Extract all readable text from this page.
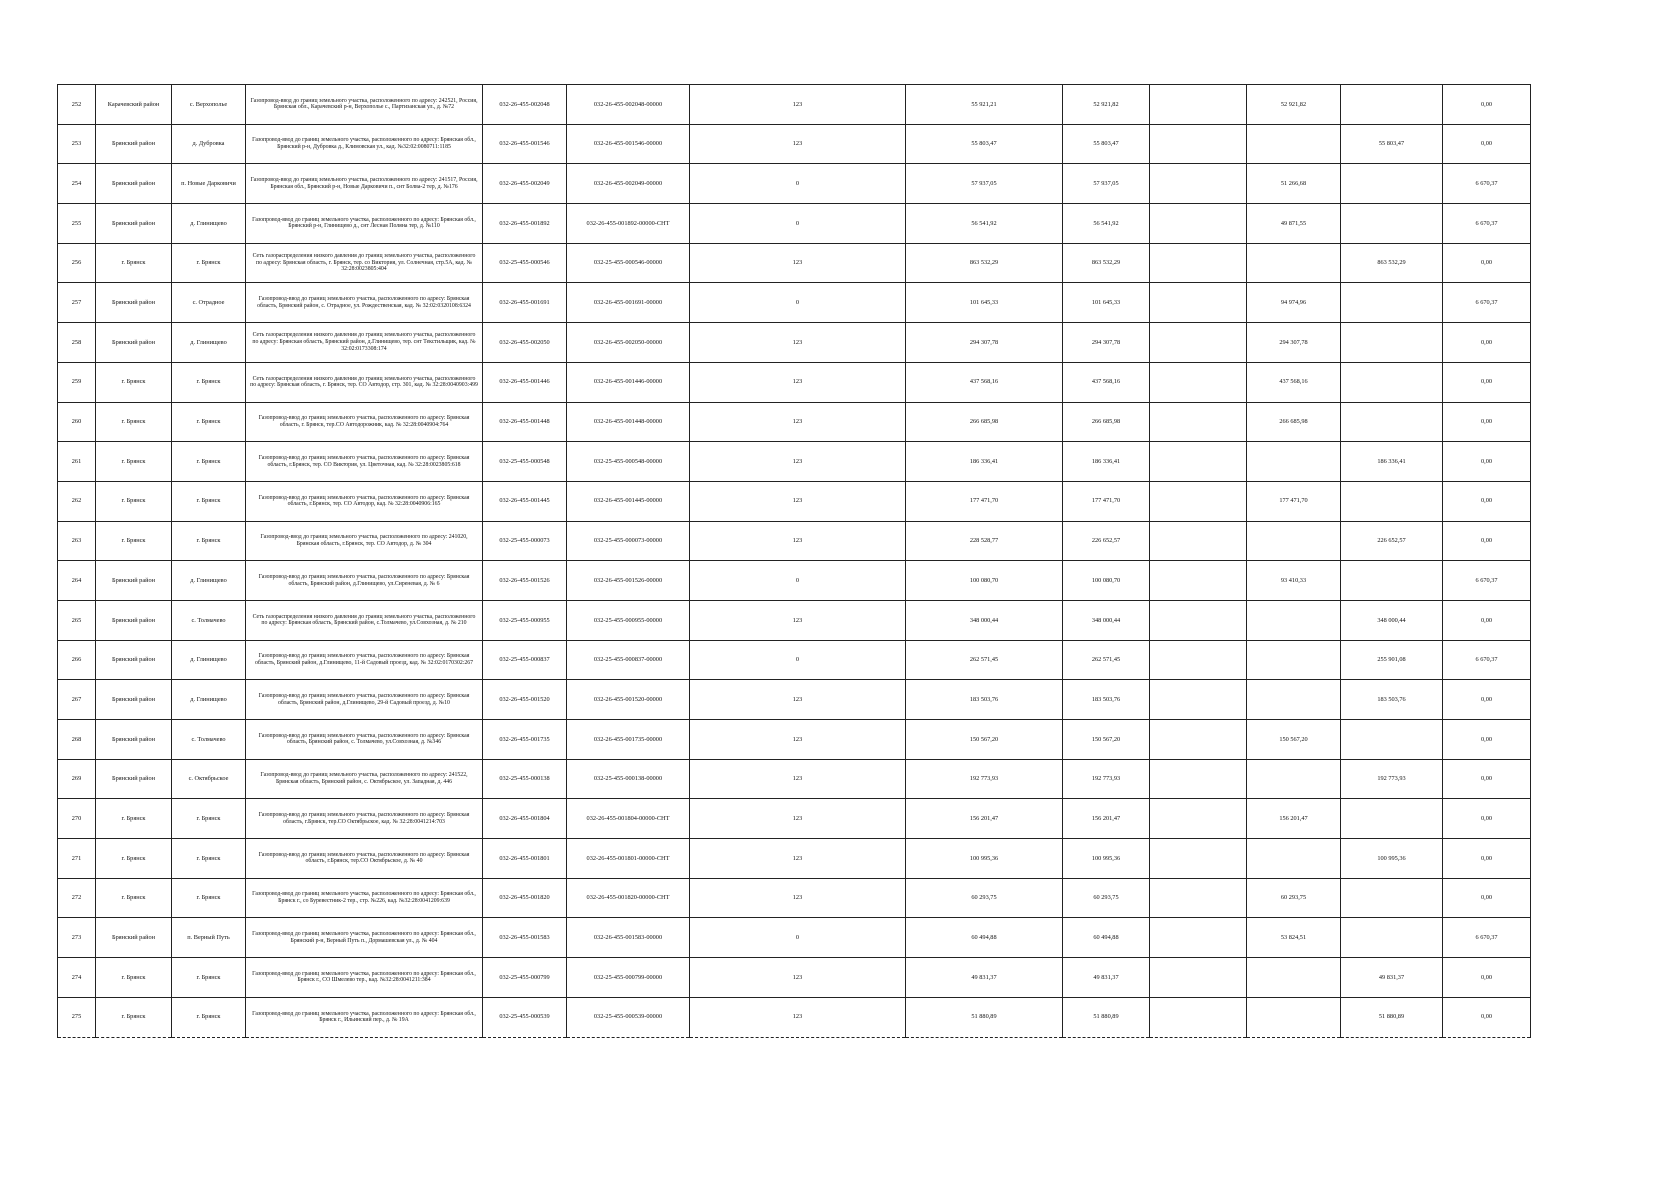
252	Карачевский район	с. Верхополье	Газопровод-ввод до границ земельного участка, расположенного по адресу: 242521, Россия, Брянская обл., Карачевский р-н, Верхополье с., Партизанская ул., д. №72	032-26-455-002048	032-26-455-002048-00000	123	55 921,21	52 921,82		52 921,82		0,00
253	Брянский район	д. Дубровка	Газопровод-ввод до границ земельного участка, расположенного по адресу: Брянская обл., Брянский р-н, Дубровка д., Климовская ул., кад. №32:02:0080711:1185	032-26-455-001546	032-26-455-001546-00000	123	55 803,47	55 803,47			55 803,47	0,00
254	Брянский район	п. Новые Дарковичи	Газопровод-ввод до границ земельного участка, расположенного по адресу: 241517, Россия, Брянская обл., Брянский р-н, Новые Дарковичи п., снт Болва-2 тер, д. №176	032-26-455-002049	032-26-455-002049-00000	0	57 937,05	57 937,05		51 266,68		6 670,37
255	Брянский район	д. Глинищево	Газопровод-ввод до границ земельного участка, расположенного по адресу: Брянская обл., Брянский р-н, Глинищево д., снт Лесная Поляна тер, д. №110	032-26-455-001892	032-26-455-001892-00000-СНТ	0	56 541,92	56 541,92		49 871,55		6 670,37
256	г. Брянск	г. Брянск	Сеть газораспределения низкого давления до границ земельного участка, расположенного по адресу: Брянская область, г. Брянск, тер. со Виктория, ул. Солнечная, стр.5А, кад. № 32:28:0023805:404	032-25-455-000546	032-25-455-000546-00000	123	863 532,29	863 532,29			863 532,29	0,00
257	Брянский район	с. Отрадное	Газопровод-ввод до границ земельного участка, расположенного по адресу: Брянская область, Брянский район, с. Отрадное, ул. Рождественская, кад. № 32:02:0320108:6324	032-26-455-001691	032-26-455-001691-00000	0	101 645,33	101 645,33		94 974,96		6 670,37
258	Брянский район	д. Глинищево	Сеть газораспределения низкого давления до границ земельного участка, расположенного по адресу: Брянская область, Брянский район, д.Глинищево, тер. снт Текстильщик, кад. № 32:02:0173308:174	032-26-455-002050	032-26-455-002050-00000	123	294 307,78	294 307,78		294 307,78		0,00
259	г. Брянск	г. Брянск	Сеть газораспределения низкого давления до границ земельного участка, расположенного по адресу: Брянская область, г. Брянск, тер. СО Автодор, стр. 301, кад. № 32:28:0040903:499	032-26-455-001446	032-26-455-001446-00000	123	437 568,16	437 568,16		437 568,16		0,00
260	г. Брянск	г. Брянск	Газопровод-ввод до границ земельного участка, расположенного по адресу: Брянская область, г. Брянск, тер.СО Автодорожник, кад. № 32:28:0040904:764	032-26-455-001448	032-26-455-001448-00000	123	266 685,98	266 685,98		266 685,98		0,00
261	г. Брянск	г. Брянск	Газопровод-ввод до границ земельного участка, расположенного по адресу: Брянская область, г.Брянск, тер. СО Виктория, ул. Цветочная, кад. № 32:28:0023805:618	032-25-455-000548	032-25-455-000548-00000	123	186 336,41	186 336,41			186 336,41	0,00
262	г. Брянск	г. Брянск	Газопровод-ввод до границ земельного участка, расположенного по адресу: Брянская область, г.Брянск, тер. СО Автодор, кад. № 32:28:0040906:165	032-26-455-001445	032-26-455-001445-00000	123	177 471,70	177 471,70		177 471,70		0,00
263	г. Брянск	г. Брянск	Газопровод-ввод до границ земельного участка, расположенного по адресу: 241020, Брянская область, г.Брянск, тер. СО Автодор, д. № 304	032-25-455-000073	032-25-455-000073-00000	123	228 528,77	226 652,57			226 652,57	0,00
264	Брянский район	д. Глинищево	Газопровод-ввод до границ земельного участка, расположенного по адресу: Брянская область, Брянский район, д.Глинищево, ул.Сиреневая, д. № 6	032-26-455-001526	032-26-455-001526-00000	0	100 080,70	100 080,70		93 410,33		6 670,37
265	Брянский район	с. Толмачево	Сеть газораспределения низкого давления до границ земельного участка, расположенного по адресу: Брянская область, Брянский район, с.Толмачево, ул.Совхозная, д. № 210	032-25-455-000955	032-25-455-000955-00000	123	348 000,44	348 000,44			348 000,44	0,00
266	Брянский район	д. Глинищево	Газопровод-ввод до границ земельного участка, расположенного по адресу: Брянская область, Брянский район, д.Глинищево, 11-й Садовый проезд, кад. № 32:02:0170302:267	032-25-455-000837	032-25-455-000837-00000	0	262 571,45	262 571,45			255 901,08	6 670,37
267	Брянский район	д. Глинищево	Газопровод-ввод до границ земельного участка, расположенного по адресу: Брянская область, Брянский район, д.Глинищево, 29-й Садовый проезд, д. №10	032-26-455-001520	032-26-455-001520-00000	123	183 503,76	183 503,76			183 503,76	0,00
268	Брянский район	с. Толмачево	Газопровод-ввод до границ земельного участка, расположенного по адресу: Брянская область, Брянский район, с. Толмачево, ул.Совхозная, д. №346	032-26-455-001735	032-26-455-001735-00000	123	150 567,20	150 567,20		150 567,20		0,00
269	Брянский район	с. Октябрьское	Газопровод-ввод до границ земельного участка, расположенного по адресу: 241522, Брянская область, Брянский район, с. Октябрьское, ул. Западная, д. 446	032-25-455-000138	032-25-455-000138-00000	123	192 773,93	192 773,93			192 773,93	0,00
270	г. Брянск	г. Брянск	Газопровод-ввод до границ земельного участка, расположенного по адресу: Брянская область, г.Брянск, тер.СО Октябрьское, кад. № 32:28:0041214:703	032-26-455-001804	032-26-455-001804-00000-СНТ	123	156 201,47	156 201,47		156 201,47		0,00
271	г. Брянск	г. Брянск	Газопровод-ввод до границ земельного участка, расположенного по адресу: Брянская область, г.Брянск, тер.СО Октябрьское, д. № 40	032-26-455-001801	032-26-455-001801-00000-СНТ	123	100 995,36	100 995,36			100 995,36	0,00
272	г. Брянск	г. Брянск	Газопровод-ввод до границ земельного участка, расположенного по адресу: Брянская обл., Брянск г., со Буревестник-2 тер., стр. №226, кад. №32:28:0041209:639	032-26-455-001820	032-26-455-001820-00000-СНТ	123	60 293,75	60 293,75		60 293,75		0,00
273	Брянский район	п. Верный Путь	Газопровод-ввод до границ земельного участка, расположенного по адресу: Брянская обл., Брянский р-н, Верный Путь п., Дормашевская ул., д. № 404	032-26-455-001583	032-26-455-001583-00000	0	60 494,88	60 494,88		53 824,51		6 670,37
274	г. Брянск	г. Брянск	Газопровод-ввод до границ земельного участка, расположенного по адресу: Брянская обл., Брянск г., СО Шмелево тер., кад. №32:28:0041211:384	032-25-455-000799	032-25-455-000799-00000	123	49 831,37	49 831,37			49 831,37	0,00
275	г. Брянск	г. Брянск	Газопровод-ввод до границ земельного участка, расположенного по адресу: Брянская обл., Брянск г., Ильинский пер., д. № 19А	032-25-455-000539	032-25-455-000539-00000	123	51 880,89	51 880,89			51 880,89	0,00
